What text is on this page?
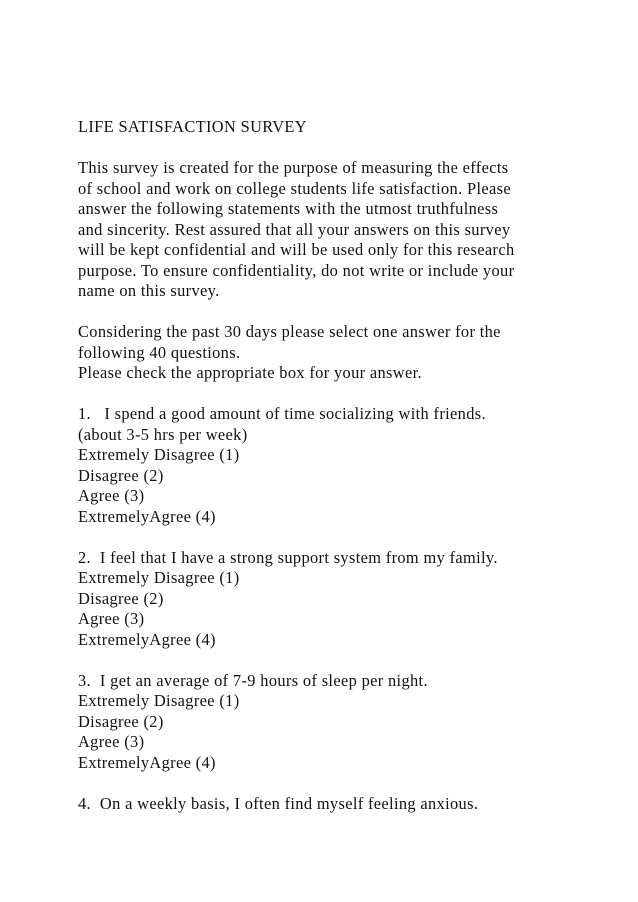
LIFE SATISFACTION SURVEY
This survey is created for the purpose of measuring the effects
of school and work on college students life satisfaction. Please
answer the following statements with the utmost truthfulness
and sincerity. Rest assured that all your answers on this survey
will be kept confidential and will be used only for this research
purpose. To ensure confidentiality, do not write or include your
name on this survey.
Considering the past 30 days please select one answer for the
following 40 questions.
Please check the appropriate box for your answer.
1.   I spend a good amount of time socializing with friends.
(about 3-5 hrs per week)
Extremely Disagree (1)
Disagree (2)
Agree (3)
ExtremelyAgree (4)
2.  I feel that I have a strong support system from my family.
Extremely Disagree (1)
Disagree (2)
Agree (3)
ExtremelyAgree (4)
3.  I get an average of 7-9 hours of sleep per night.
Extremely Disagree (1)
Disagree (2)
Agree (3)
ExtremelyAgree (4)
4.  On a weekly basis, I often find myself feeling anxious.
